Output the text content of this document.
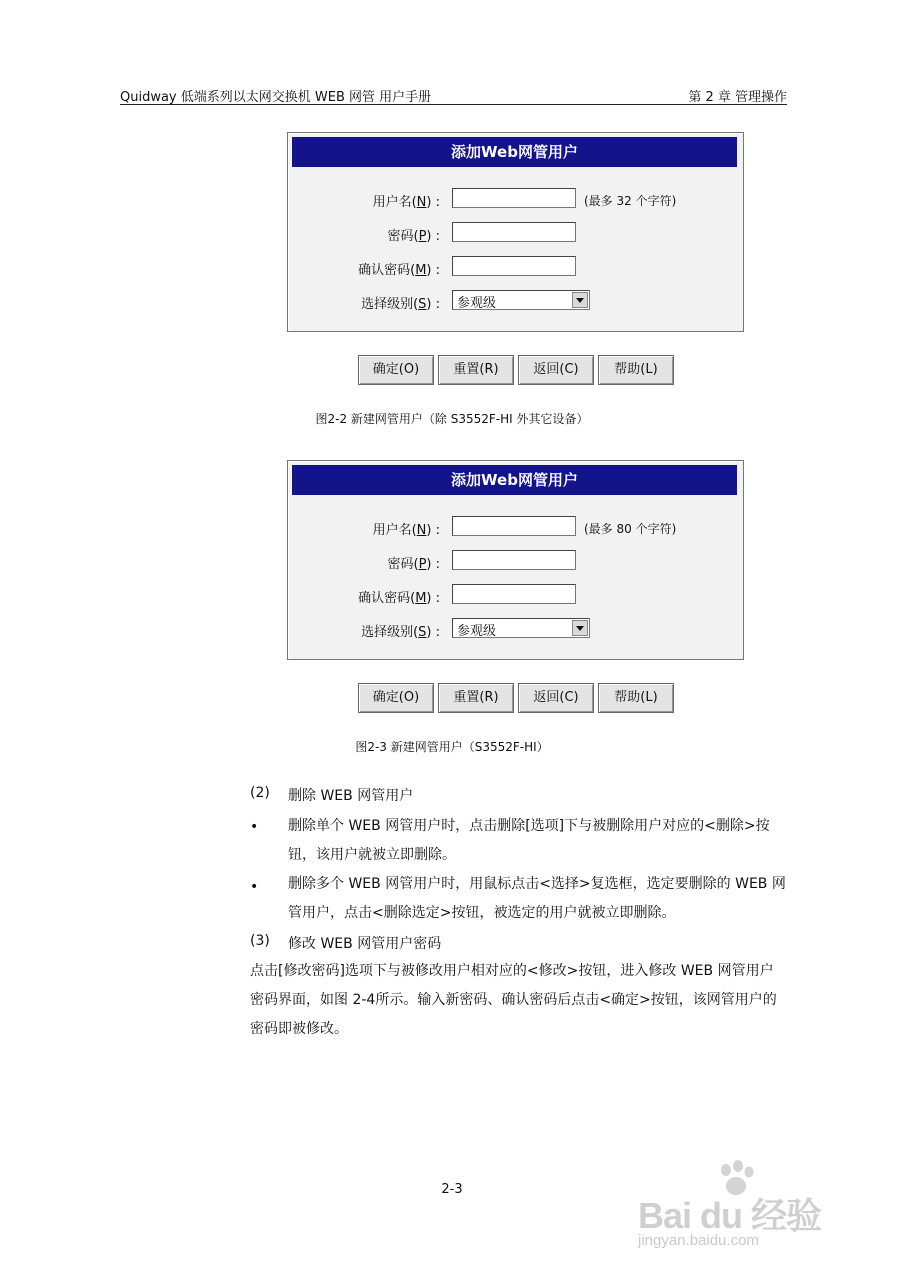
Quidway 低端系列以太网交换机 WEB 网管 用户手册	第 2 章 管理操作
添加Web网管用户
用户名(N) :	(最多 32 个字符)
密码(P) :
确认密码(M) :
选择级别(S) : 参观级
确定(O)	重置(R)	返回(C)	帮助(L)
图2-2 新建网管用户（除 S3552F-HI 外其它设备）
添加Web网管用户
用户名(N) :	(最多 80 个字符)
密码(P) :
确认密码(M) :
选择级别(S) : 参观级
确定(O)	重置(R)	返回(C)	帮助(L)
图2-3 新建网管用户（S3552F-HI）
(2) 删除 WEB 网管用户
• 删除单个 WEB 网管用户时，点击删除[选项]下与被删除用户对应的<删除>按钮，该用户就被立即删除。
• 删除多个 WEB 网管用户时，用鼠标点击<选择>复选框，选定要删除的 WEB 网管用户，点击<删除选定>按钮，被选定的用户就被立即删除。
(3) 修改 WEB 网管用户密码
点击[修改密码]选项下与被修改用户相对应的<修改>按钮，进入修改 WEB 网管用户密码界面，如图 2-4所示。输入新密码、确认密码后点击<确定>按钮，该网管用户的密码即被修改。
2-3
Bai du 经验
jingyan.baidu.com
